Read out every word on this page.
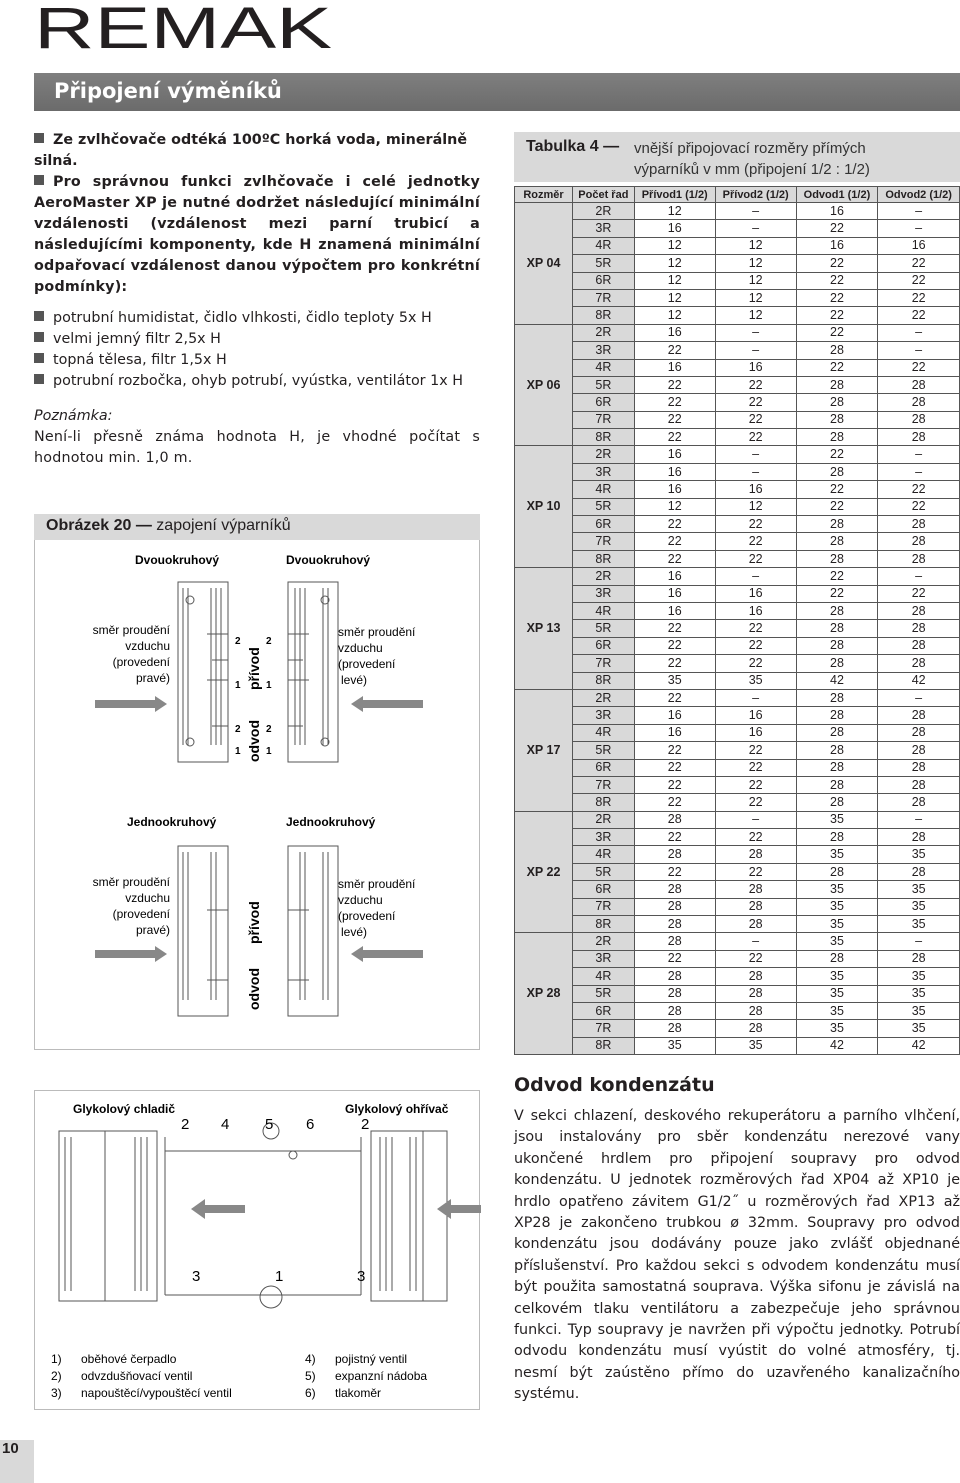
REMAK
Připojení výměníků
Ze zvlhčovače odtéká 100ºC horká voda, minerálně silná.
Pro správnou funkci zvlhčovače i celé jednotky AeroMaster XP je nutné dodržet následující minimální vzdálenosti (vzdálenost mezi parní trubicí a následujícími komponenty, kde H znamená minimální odpařovací vzdálenost danou výpočtem pro konkrétní podmínky):
potrubní humidistat, čidlo vlhkosti, čidlo teploty 5x H
velmi jemný filtr 2,5x H
topná tělesa, filtr 1,5x H
potrubní rozbočka, ohyb potrubí, vyústka, ventilátor 1x H
Poznámka:
Není-li přesně známa hodnota H, je vhodné počítat s hodnotou min. 1,0 m.
Obrázek 20 — zapojení výparníků
Dvouokruhový	Dvouokruhový
2
1
2
1
2
1
2
1
přívod
odvod
směr proudění
vzduchu
(provedení
pravé)
směr proudění
vzduchu
(provedení
levé)
Jednookruhový	Jednookruhový
přívod
odvod
směr proudění
vzduchu
(provedení
pravé)
směr proudění
vzduchu
(provedení
levé)
Glykolový chladič	Glykolový ohřívač
2 4 5 6	2
3	1	3
1) oběhové čerpadlo
2) odvzdušňovací ventil
3) napouštěcí/vypouštěcí ventil
4) pojistný ventil
5) expanzní nádoba
6) tlakoměr
Tabulka 4 — vnější připojovací rozměry přímých
výparníků v mm (připojení 1/2 : 1/2)
Rozměr	Počet řad	Přívod1 (1/2)	Přívod2 (1/2)	Odvod1 (1/2)	Odvod2 (1/2)
XP 04	2R	12	–	16	–
	3R	16	–	22	–
	4R	12	12	16	16
	5R	12	12	22	22
	6R	12	12	22	22
	7R	12	12	22	22
	8R	12	12	22	22
XP 06	2R	16	–	22	–
	3R	22	–	28	–
	4R	16	16	22	22
	5R	22	22	28	28
	6R	22	22	28	28
	7R	22	22	28	28
	8R	22	22	28	28
XP 10	2R	16	–	22	–
	3R	16	–	28	–
	4R	16	16	22	22
	5R	12	12	22	22
	6R	22	22	28	28
	7R	22	22	28	28
	8R	22	22	28	28
XP 13	2R	16	–	22	–
	3R	16	16	22	22
	4R	16	16	28	28
	5R	22	22	28	28
	6R	22	22	28	28
	7R	22	22	28	28
	8R	35	35	42	42
XP 17	2R	22	–	28	–
	3R	16	16	28	28
	4R	16	16	28	28
	5R	22	22	28	28
	6R	22	22	28	28
	7R	22	22	28	28
	8R	22	22	28	28
XP 22	2R	28	–	35	–
	3R	22	22	28	28
	4R	28	28	35	35
	5R	22	22	28	28
	6R	28	28	35	35
	7R	28	28	35	35
	8R	28	28	35	35
XP 28	2R	28	–	35	–
	3R	22	22	28	28
	4R	28	28	35	35
	5R	28	28	35	35
	6R	28	28	35	35
	7R	28	28	35	35
	8R	35	35	42	42
Odvod kondenzátu
V sekci chlazení, deskového rekuperátoru a parního vlhčení, jsou instalovány pro sběr kondenzátu nerezové vany ukončené hrdlem pro připojení soupravy pro odvod kondenzátu. U jednotek rozměrových řad XP04 až XP10 je hrdlo opatřeno závitem G1/2˝ u rozměrových řad XP13 až XP28 je zakončeno trubkou ø 32mm. Soupravy pro odvod kondenzátu jsou dodávány pouze jako zvlášť objednané příslušenství. Pro každou sekci s odvodem kondenzátu musí být použita samostatná souprava. Výška sifonu je závislá na celkovém tlaku ventilátoru a zabezpečuje jeho správnou funkci. Typ soupravy je navržen při výpočtu jednotky. Potrubí odvodu kondenzátu musí vyústit do volné atmosféry, tj. nesmí být zaústěno přímo do uzavřeného kanalizačního systému.
10
